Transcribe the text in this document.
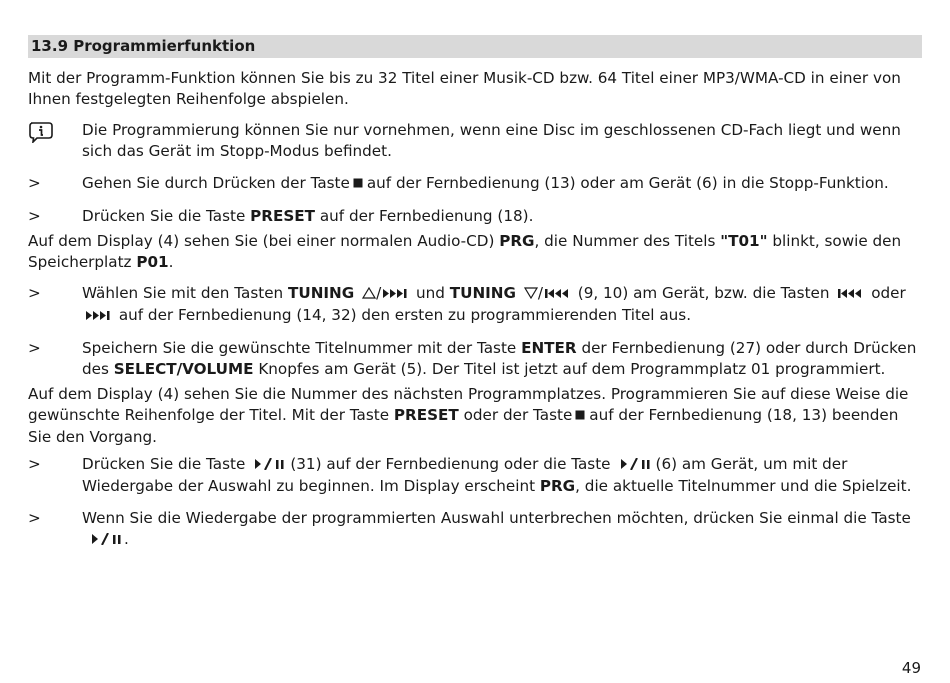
13.9 Programmierfunktion

Mit der Programm-Funktion können Sie bis zu 32 Titel einer Musik-CD bzw. 64 Titel einer MP3/WMA-CD in einer von Ihnen festgelegten Reihenfolge abspielen.

Die Programmierung können Sie nur vornehmen, wenn eine Disc im geschlossenen CD-Fach liegt und wenn sich das Gerät im Stopp-Modus befindet.
>	Gehen Sie durch Drücken der Taste auf der Fernbedienung (13) oder am Gerät (6) in die Stopp-Funktion.
>	Drücken Sie die Taste PRESET auf der Fernbedienung (18).

Auf dem Display (4) sehen Sie (bei einer normalen Audio-CD) PRG, die Nummer des Titels "T01" blinkt, sowie den Speicherplatz P01.

>	Wählen Sie mit den Tasten TUNING / und TUNING / (9, 10) am Gerät, bzw. die Tasten	oder  auf der Fernbedienung (14, 32) den ersten zu programmierenden Titel aus.
>	Speichern Sie die gewünschte Titelnummer mit der Taste ENTER der Fernbedienung (27) oder durch Drücken des SELECT/VOLUME Knopfes am Gerät (5). Der Titel ist jetzt auf dem Programmplatz 01 programmiert.

Auf dem Display (4) sehen Sie die Nummer des nächsten Programmplatzes. Programmieren Sie auf diese Weise die gewünschte Reihenfolge der Titel. Mit der Taste PRESET oder der Taste auf der Fernbedienung (18, 13) beenden Sie den Vorgang.

>	Drücken Sie die Taste	(31) auf der Fernbedienung oder die Taste	(6) am Gerät, um mit der Wiedergabe der Auswahl zu beginnen. Im Display erscheint PRG, die aktuelle Titelnummer und die Spielzeit.
>	Wenn Sie die Wiedergabe der programmierten Auswahl unterbrechen möchten, drücken Sie einmal die Taste.
49
